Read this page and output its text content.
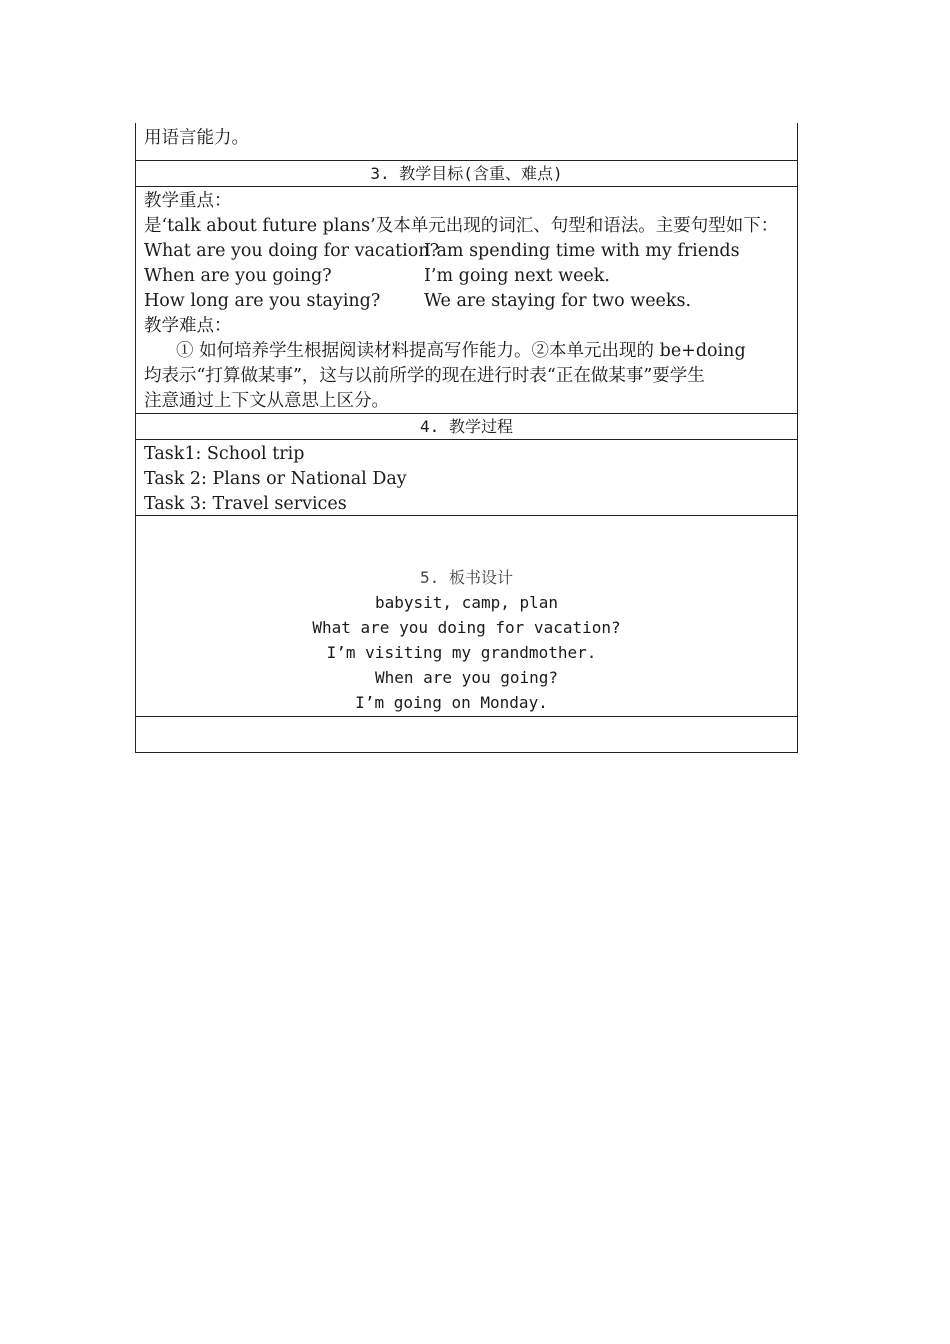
用语言能力。
3. 教学目标(含重、难点)
教学重点：
是‘talk about future plans’及本单元出现的词汇、句型和语法。主要句型如下：
What are you doing for vacation?
I am spending time with my friends
When are you going?	I’m going next week.
How long are you staying?	We are staying for two weeks.
教学难点：
① 如何培养学生根据阅读材料提高写作能力。②本单元出现的 be+doing
均表示“打算做某事”，这与以前所学的现在进行时表“正在做某事”要学生
注意通过上下文从意思上区分。
4. 教学过程
Task1: School trip
Task 2: Plans or National Day
Task 3: Travel services
5. 板书设计
babysit, camp, plan
What are you doing for vacation?
I’m visiting my grandmother.
When are you going?
I’m going on Monday.
